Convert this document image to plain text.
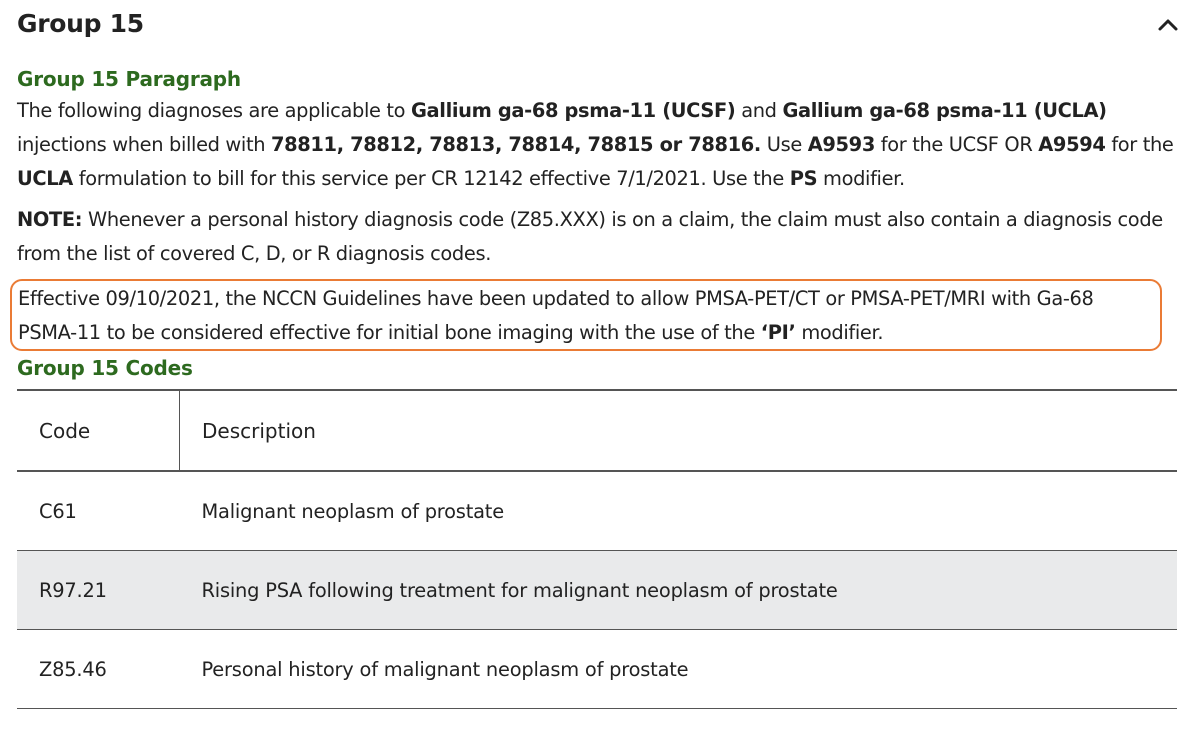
Group 15
Group 15 Paragraph

The following diagnoses are applicable to Gallium ga-68 psma-11 (UCSF) and Gallium ga-68 psma-11 (UCLA) injections when billed with 78811, 78812, 78813, 78814, 78815 or 78816. Use A9593 for the UCSF OR A9594 for the UCLA formulation to bill for this service per CR 12142 effective 7/1/2021. Use the PS modifier.

NOTE: Whenever a personal history diagnosis code (Z85.XXX) is on a claim, the claim must also contain a diagnosis code from the list of covered C, D, or R diagnosis codes.

Effective 09/10/2021, the NCCN Guidelines have been updated to allow PMSA-PET/CT or PMSA-PET/MRI with Ga-68 PSMA-11 to be considered effective for initial bone imaging with the use of the ‘PI’ modifier.

Group 15 Codes
Code	Description
C61	Malignant neoplasm of prostate
R97.21	Rising PSA following treatment for malignant neoplasm of prostate
Z85.46	Personal history of malignant neoplasm of prostate
